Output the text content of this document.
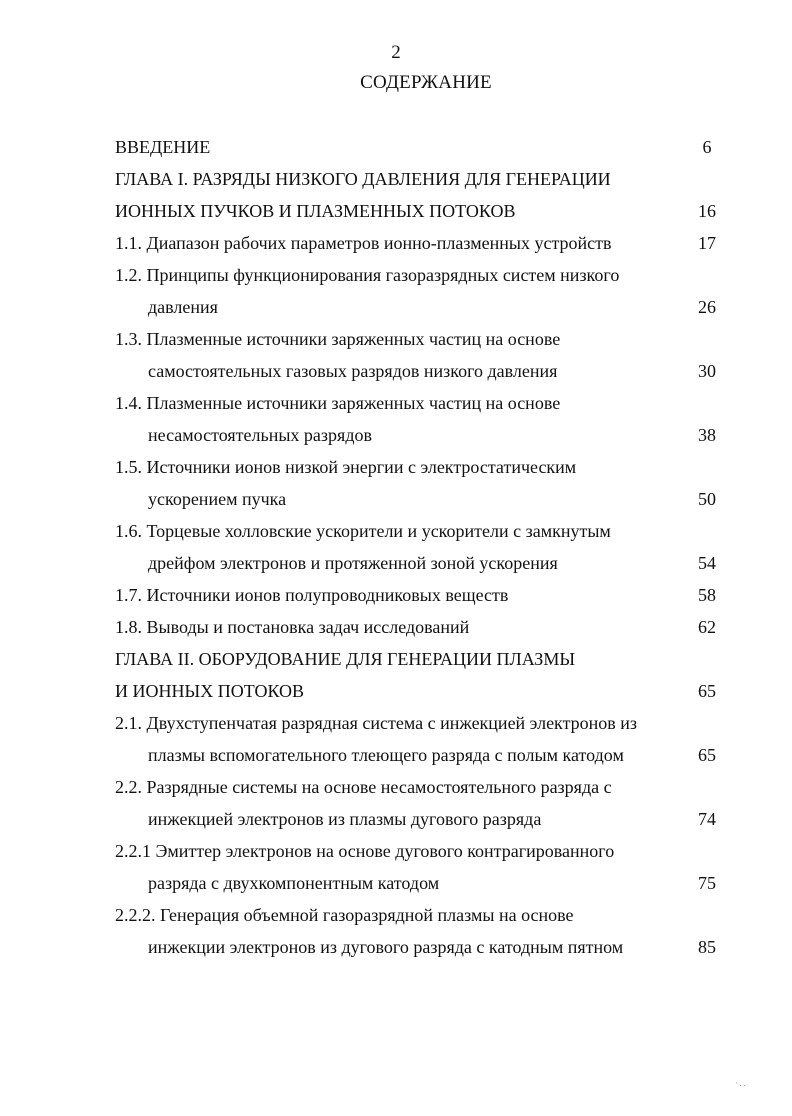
2
СОДЕРЖАНИЕ
ВВЕДЕНИЕ	6
ГЛАВА I. РАЗРЯДЫ НИЗКОГО ДАВЛЕНИЯ ДЛЯ ГЕНЕРАЦИИ
ИОННЫХ ПУЧКОВ И ПЛАЗМЕННЫХ ПОТОКОВ	16
1.1. Диапазон рабочих параметров ионно-плазменных устройств	17
1.2. Принципы функционирования газоразрядных систем низкого
давления	26
1.3. Плазменные источники заряженных частиц на основе
самостоятельных газовых разрядов низкого давления	30
1.4. Плазменные источники заряженных частиц на основе
несамостоятельных разрядов	38
1.5. Источники ионов низкой энергии с электростатическим
ускорением пучка	50
1.6. Торцевые холловские ускорители и ускорители с замкнутым
дрейфом электронов и протяженной зоной ускорения	54
1.7. Источники ионов полупроводниковых веществ	58
1.8. Выводы и постановка задач исследований	62
ГЛАВА II. ОБОРУДОВАНИЕ ДЛЯ ГЕНЕРАЦИИ ПЛАЗМЫ
И ИОННЫХ ПОТОКОВ	65
2.1. Двухступенчатая разрядная система с инжекцией электронов из
плазмы вспомогательного тлеющего разряда с полым катодом	65
2.2. Разрядные системы на основе несамостоятельного разряда с
инжекцией электронов из плазмы дугового разряда	74
2.2.1 Эмиттер электронов на основе дугового контрагированного
разряда с двухкомпонентным катодом	75
2.2.2. Генерация объемной газоразрядной плазмы на основе
инжекции электронов из дугового разряда с катодным пятном	85
· . .
